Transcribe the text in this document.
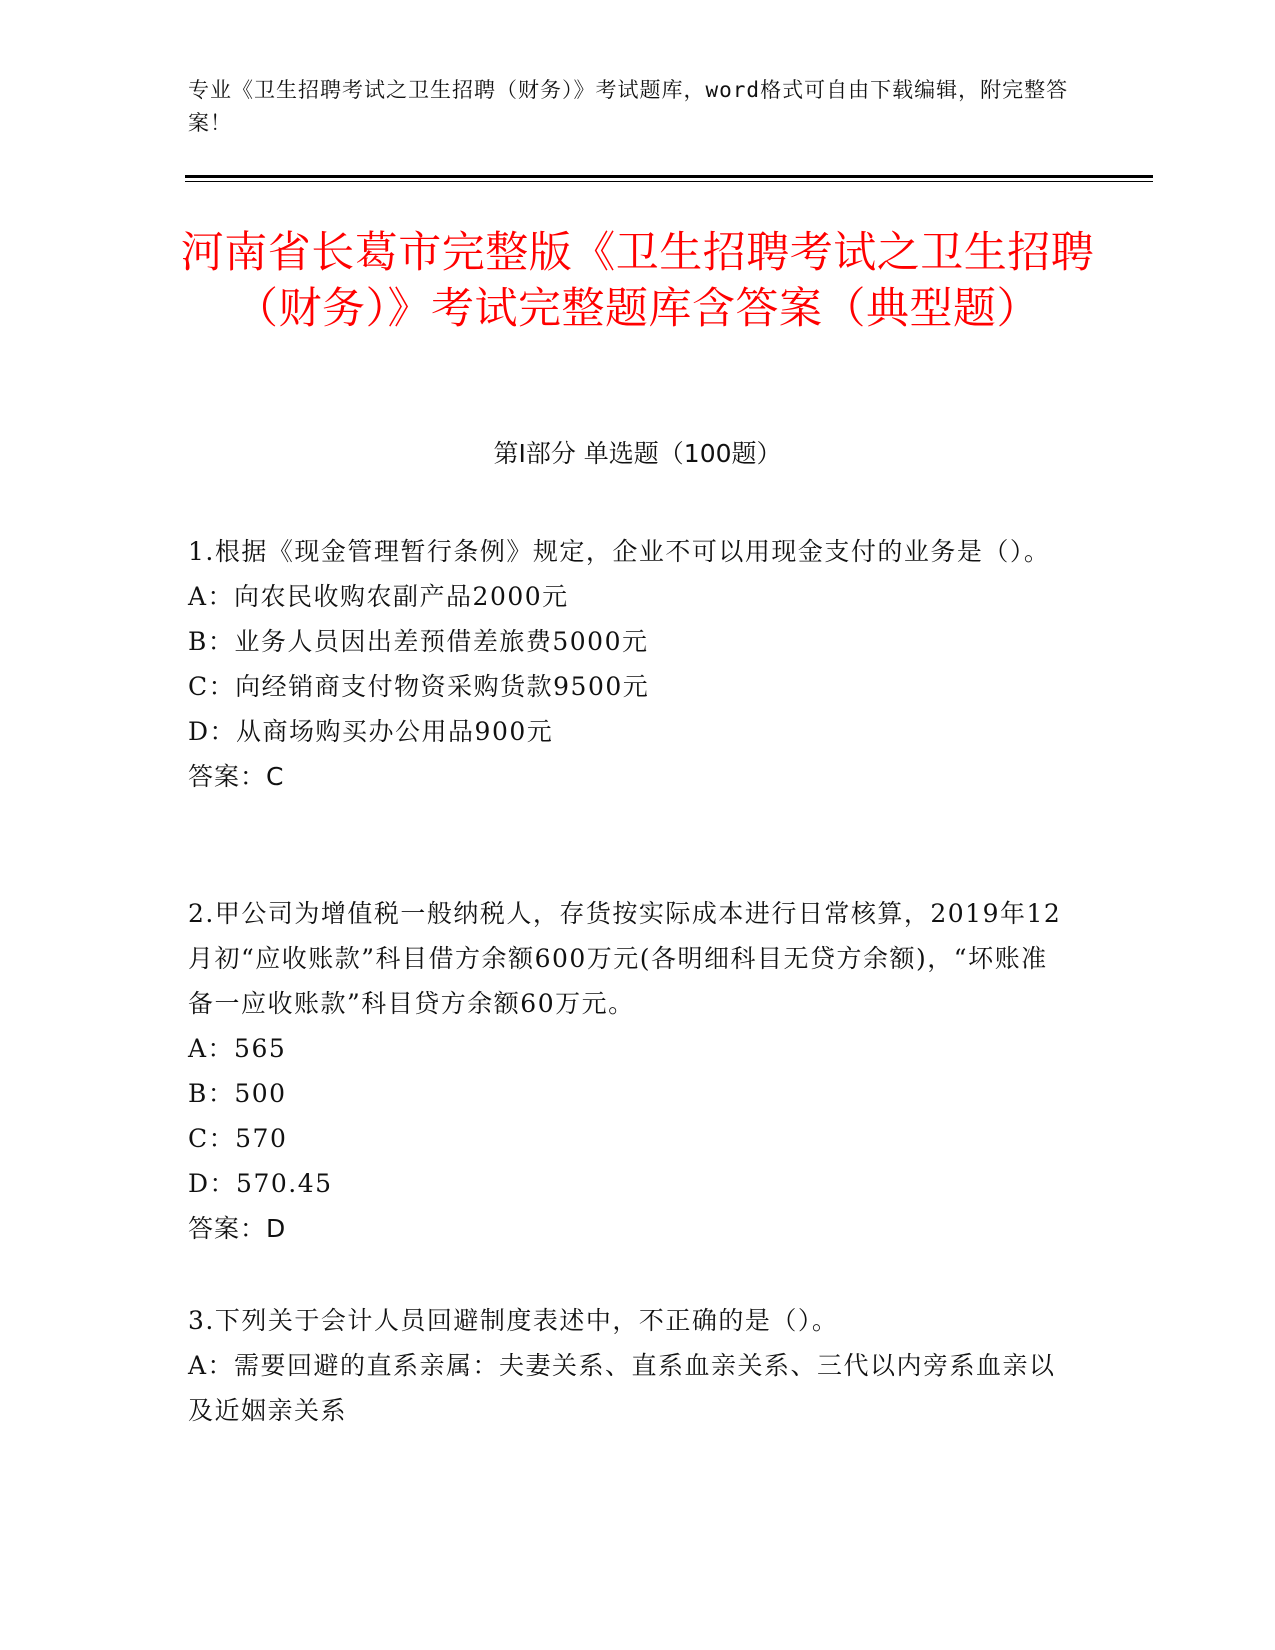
专业《卫生招聘考试之卫生招聘（财务）》考试题库，word格式可自由下载编辑，附完整答案！
河南省长葛市完整版《卫生招聘考试之卫生招聘（财务）》考试完整题库含答案（典型题）
第I部分 单选题（100题）
1.根据《现金管理暂行条例》规定，企业不可以用现金支付的业务是（）。
A：向农民收购农副产品2000元
B：业务人员因出差预借差旅费5000元
C：向经销商支付物资采购货款9500元
D：从商场购买办公用品900元
答案：C
2.甲公司为增值税一般纳税人，存货按实际成本进行日常核算，2019年12月初“应收账款”科目借方余额600万元(各明细科目无贷方余额)，“坏账准备一应收账款”科目贷方余额60万元。
A：565
B：500
C：570
D：570.45
答案：D
3.下列关于会计人员回避制度表述中，不正确的是（）。
A：需要回避的直系亲属：夫妻关系、直系血亲关系、三代以内旁系血亲以及近姻亲关系
